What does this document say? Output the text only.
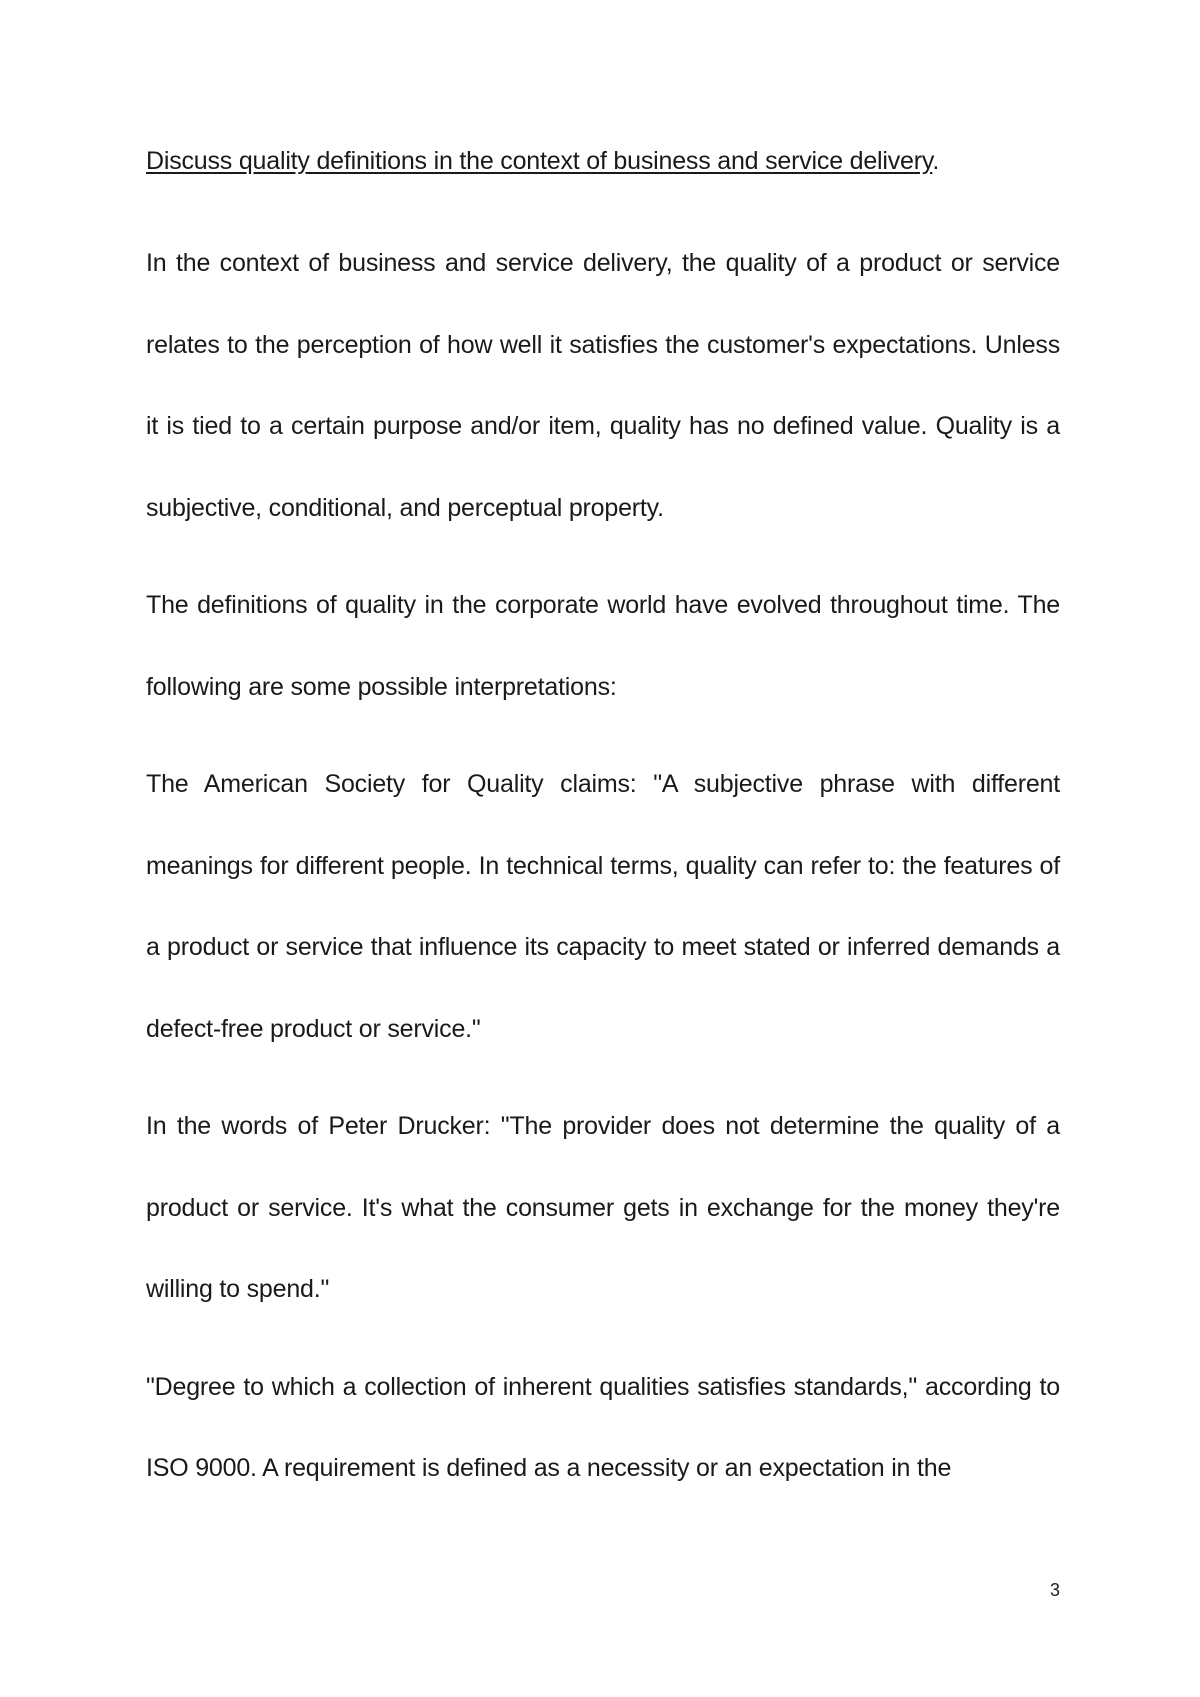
Discuss quality definitions in the context of business and service delivery.

In the context of business and service delivery, the quality of a product or service relates to the perception of how well it satisfies the customer's expectations. Unless it is tied to a certain purpose and/or item, quality has no defined value. Quality is a subjective, conditional, and perceptual property.

The definitions of quality in the corporate world have evolved throughout time. The following are some possible interpretations:

The American Society for Quality claims: "A subjective phrase with different meanings for different people. In technical terms, quality can refer to: the features of a product or service that influence its capacity to meet stated or inferred demands a defect-free product or service."

In the words of Peter Drucker: "The provider does not determine the quality of a product or service. It's what the consumer gets in exchange for the money they're willing to spend."

"Degree to which a collection of inherent qualities satisfies standards," according to ISO 9000. A requirement is defined as a necessity or an expectation in the

3
